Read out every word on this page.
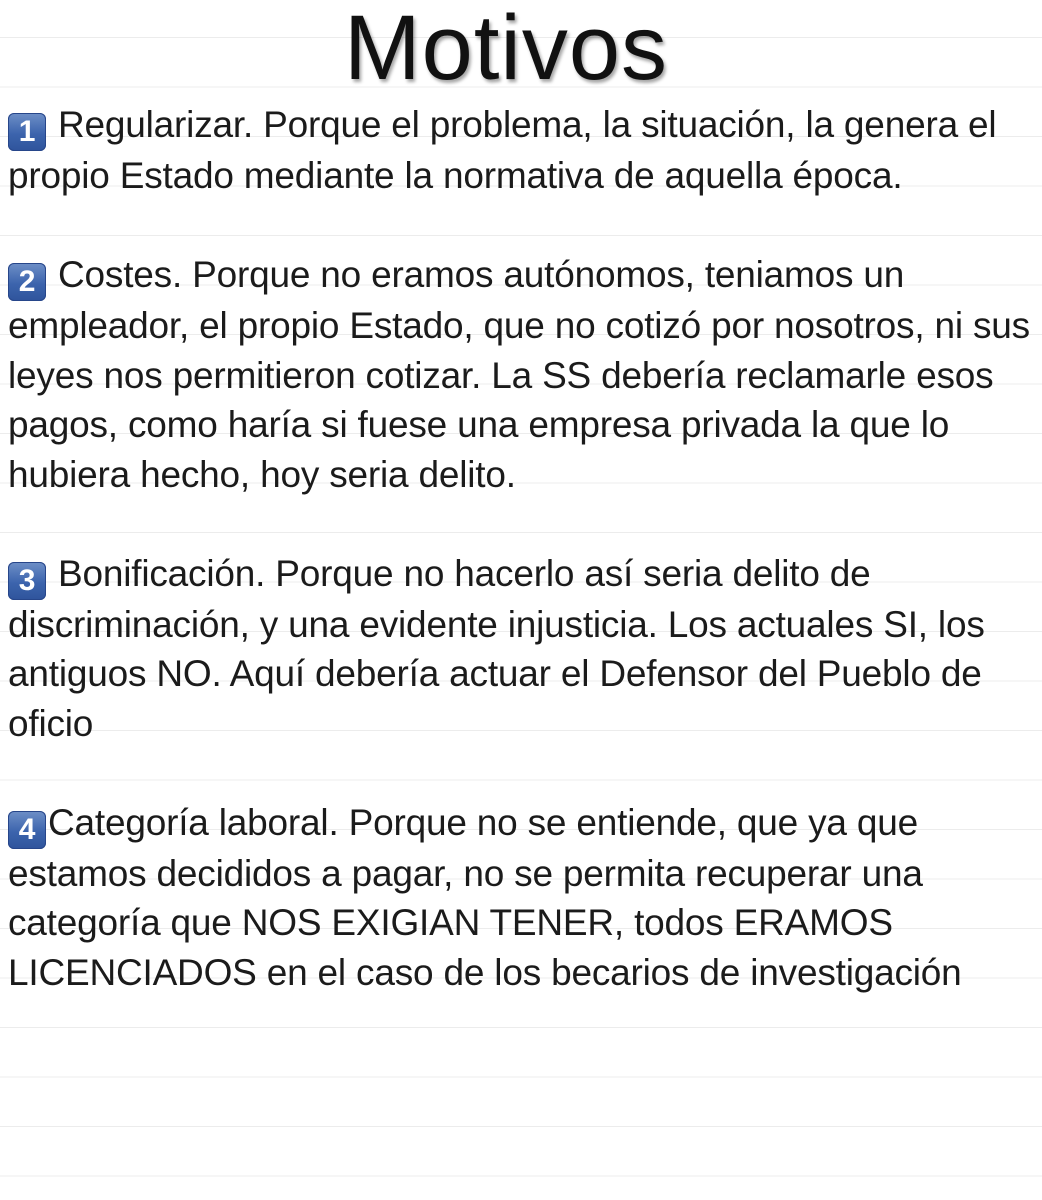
Motivos
1 Regularizar. Porque el problema, la situación, la genera el propio Estado mediante la normativa de aquella época.
2 Costes. Porque no eramos autónomos, teniamos un empleador, el propio Estado, que no cotizó por nosotros, ni sus leyes nos permitieron cotizar. La SS debería reclamarle esos pagos, como haría si fuese una empresa privada la que lo hubiera hecho, hoy seria delito.
3 Bonificación. Porque no hacerlo así seria delito de discriminación, y una evidente injusticia. Los actuales SI, los antiguos NO. Aquí debería actuar el Defensor del Pueblo de oficio
4 Categoría laboral. Porque no se entiende, que ya que estamos decididos a pagar, no se permita recuperar una categoría que NOS EXIGIAN TENER, todos ERAMOS LICENCIADOS en el caso de los becarios de investigación
